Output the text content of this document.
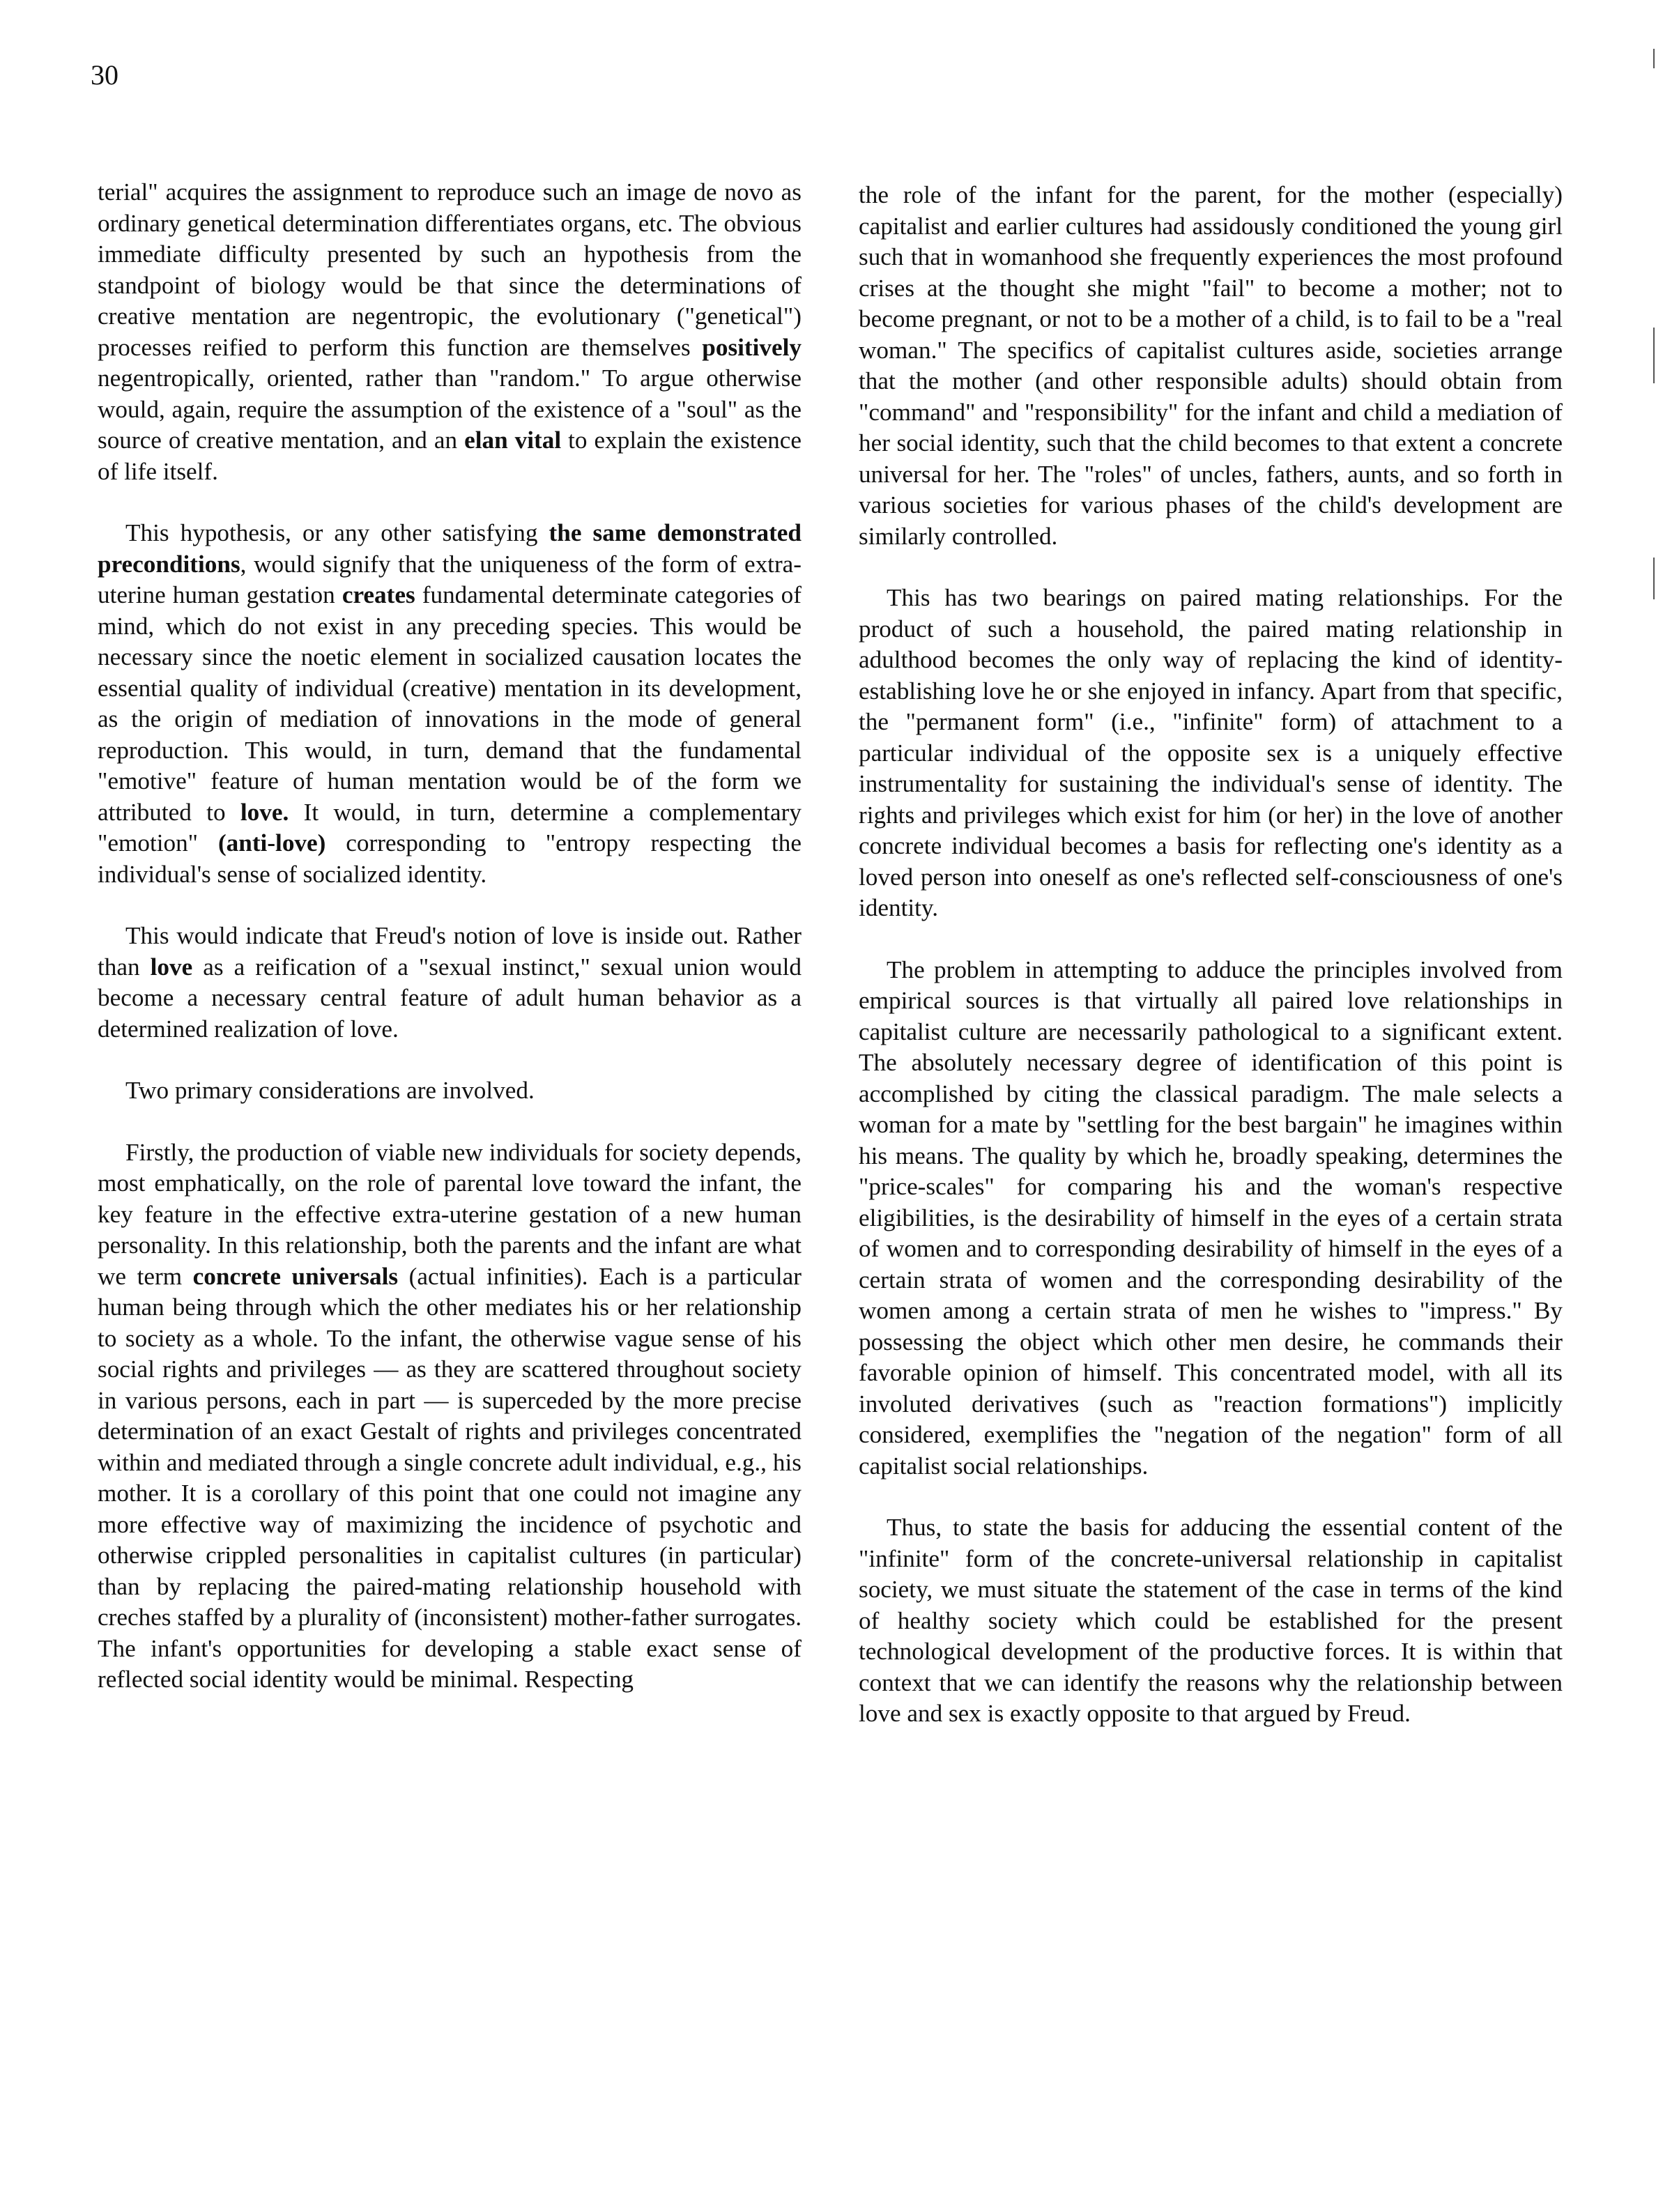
30

terial" acquires the assignment to reproduce such an image de novo as ordinary genetical determination differentiates organs, etc. The obvious immediate difficulty presented by such an hypothesis from the standpoint of biology would be that since the determinations of creative mentation are negentropic, the evolutionary ("genetical") processes reified to perform this function are themselves positively negentropically, oriented, rather than "random." To argue otherwise would, again, require the assumption of the existence of a "soul" as the source of creative mentation, and an elan vital to explain the existence of life itself.

This hypothesis, or any other satisfying the same demonstrated preconditions, would signify that the uniqueness of the form of extra-uterine human gestation creates fundamental determinate categories of mind, which do not exist in any preceding species. This would be necessary since the noetic element in socialized causation locates the essential quality of individual (creative) mentation in its development, as the origin of mediation of innovations in the mode of general reproduction. This would, in turn, demand that the fundamental "emotive" feature of human mentation would be of the form we attributed to love. It would, in turn, determine a complementary "emotion" (anti-love) corresponding to "entropy respecting the individual's sense of socialized identity.

This would indicate that Freud's notion of love is inside out. Rather than love as a reification of a "sexual instinct," sexual union would become a necessary central feature of adult human behavior as a determined realization of love.

Two primary considerations are involved.

Firstly, the production of viable new individuals for society depends, most emphatically, on the role of parental love toward the infant, the key feature in the effective extra-uterine gestation of a new human personality. In this relationship, both the parents and the infant are what we term concrete universals (actual infinities). Each is a particular human being through which the other mediates his or her relationship to society as a whole. To the infant, the otherwise vague sense of his social rights and privileges — as they are scattered throughout society in various persons, each in part — is superceded by the more precise determination of an exact Gestalt of rights and privileges concentrated within and mediated through a single concrete adult individual, e.g., his mother. It is a corollary of this point that one could not imagine any more effective way of maximizing the incidence of psychotic and otherwise crippled personalities in capitalist cultures (in particular) than by replacing the paired-mating relationship household with creches staffed by a plurality of (inconsistent) mother-father surrogates. The infant's opportunities for developing a stable exact sense of reflected social identity would be minimal. Respecting

the role of the infant for the parent, for the mother (especially) capitalist and earlier cultures had assidously conditioned the young girl such that in womanhood she frequently experiences the most profound crises at the thought she might "fail" to become a mother; not to become pregnant, or not to be a mother of a child, is to fail to be a "real woman." The specifics of capitalist cultures aside, societies arrange that the mother (and other responsible adults) should obtain from "command" and "responsibility" for the infant and child a mediation of her social identity, such that the child becomes to that extent a concrete universal for her. The "roles" of uncles, fathers, aunts, and so forth in various societies for various phases of the child's development are similarly controlled.

This has two bearings on paired mating relationships. For the product of such a household, the paired mating relationship in adulthood becomes the only way of replacing the kind of identity-establishing love he or she enjoyed in infancy. Apart from that specific, the "permanent form" (i.e., "infinite" form) of attachment to a particular individual of the opposite sex is a uniquely effective instrumentality for sustaining the individual's sense of identity. The rights and privileges which exist for him (or her) in the love of another concrete individual becomes a basis for reflecting one's identity as a loved person into oneself as one's reflected self-consciousness of one's identity.

The problem in attempting to adduce the principles involved from empirical sources is that virtually all paired love relationships in capitalist culture are necessarily pathological to a significant extent. The absolutely necessary degree of identification of this point is accomplished by citing the classical paradigm. The male selects a woman for a mate by "settling for the best bargain" he imagines within his means. The quality by which he, broadly speaking, determines the "price-scales" for comparing his and the woman's respective eligibilities, is the desirability of himself in the eyes of a certain strata of women and to corresponding desirability of himself in the eyes of a certain strata of women and the corresponding desirability of the women among a certain strata of men he wishes to "impress." By possessing the object which other men desire, he commands their favorable opinion of himself. This concentrated model, with all its involuted derivatives (such as "reaction formations") implicitly considered, exemplifies the "negation of the negation" form of all capitalist social relationships.

Thus, to state the basis for adducing the essential content of the "infinite" form of the concrete-universal relationship in capitalist society, we must situate the statement of the case in terms of the kind of healthy society which could be established for the present technological development of the productive forces. It is within that context that we can identify the reasons why the relationship between love and sex is exactly opposite to that argued by Freud.
